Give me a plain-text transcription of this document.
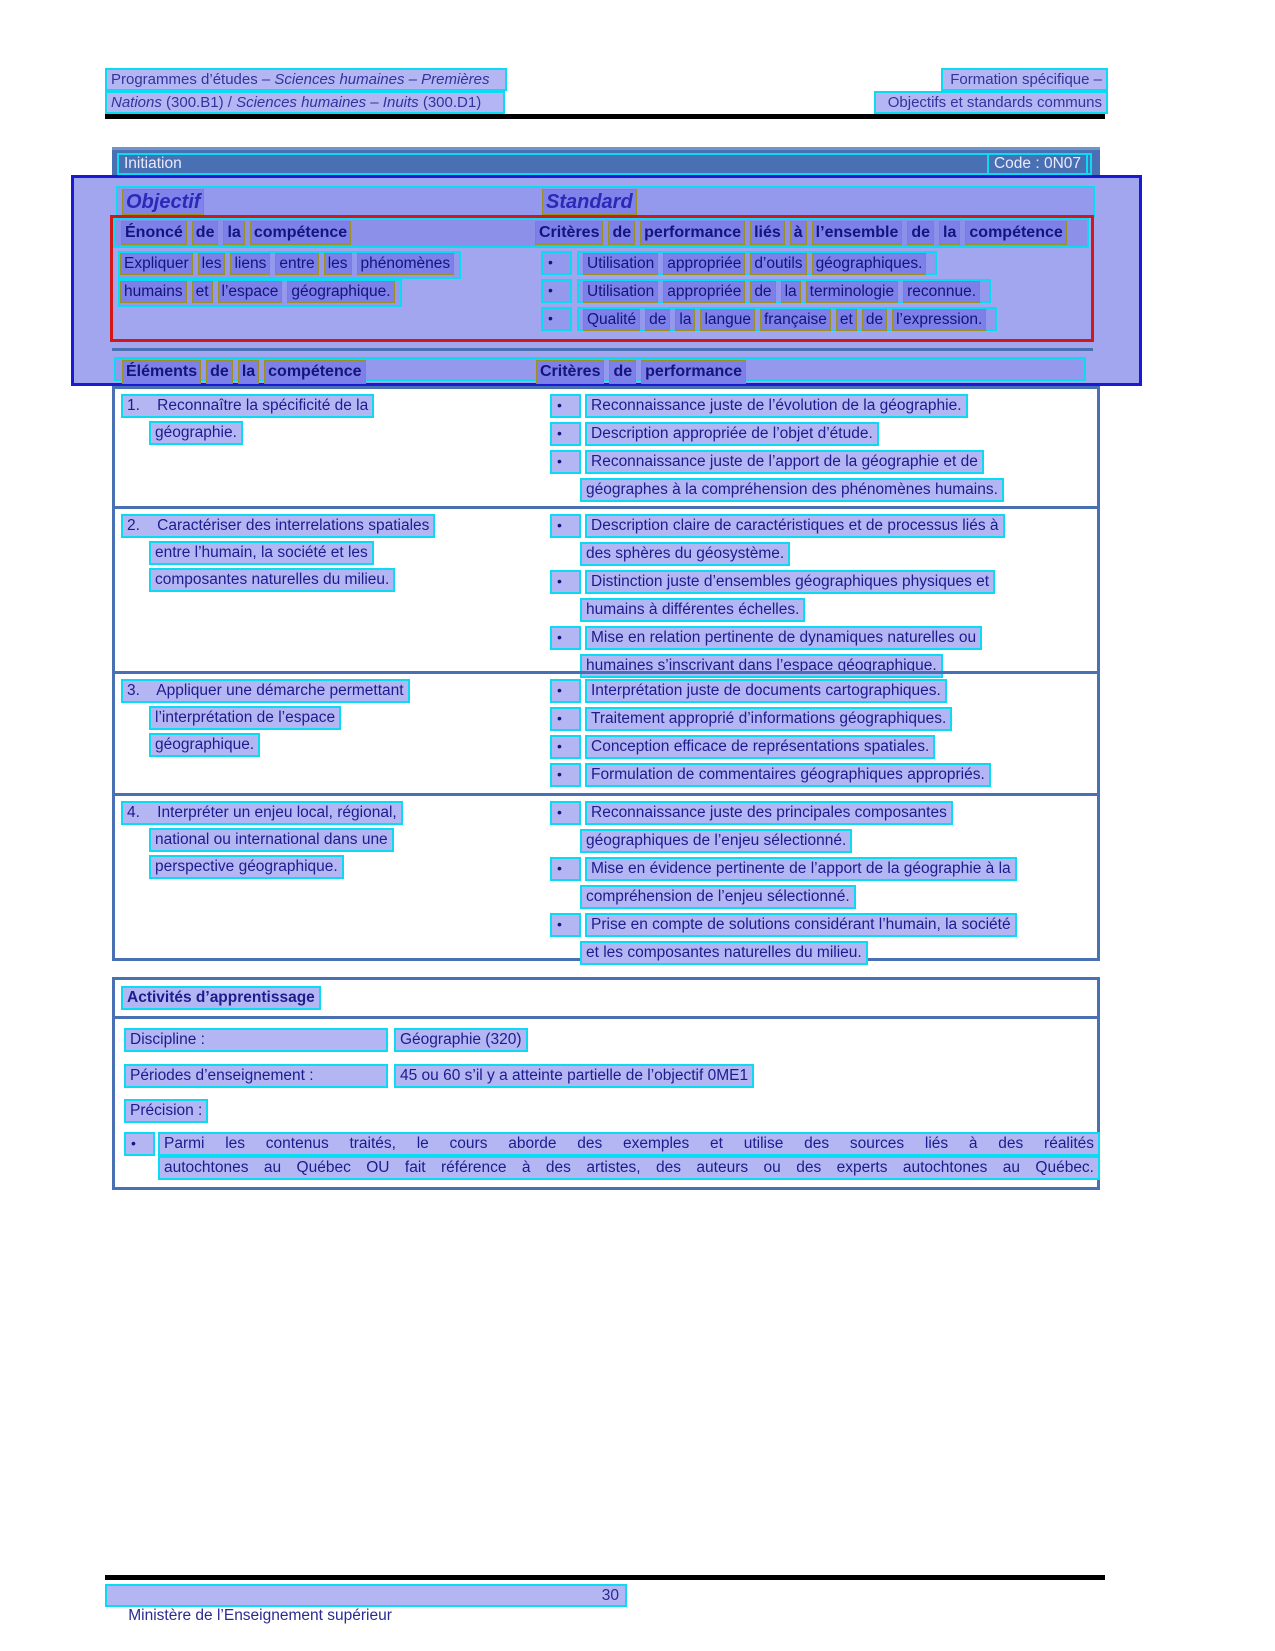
Programmes d’études – Sciences humaines – Premières	Formation spécifique –
Nations (300.B1) / Sciences humaines – Inuits (300.D1)	Objectifs et standards communs
Initiation	Code : 0N07
Objectif	Standard
Énoncé de la compétence	Critères de performance liés à l’ensemble de la compétence
Expliquer les liens entre les phénomènes
humains et l’espace géographique.
• Utilisation appropriée d’outils géographiques.
• Utilisation appropriée de la terminologie reconnue.
• Qualité de la langue française et de l’expression.
Éléments de la compétence	Critères de performance
1.    Reconnaître la spécificité de la
géographie.
• Reconnaissance juste de l’évolution de la géographie.
• Description appropriée de l’objet d’étude.
• Reconnaissance juste de l’apport de la géographie et de
géographes à la compréhension des phénomènes humains.
2.    Caractériser des interrelations spatiales
entre l’humain, la société et les
composantes naturelles du milieu.
• Description claire de caractéristiques et de processus liés à
des sphères du géosystème.
• Distinction juste d’ensembles géographiques physiques et
humains à différentes échelles.
• Mise en relation pertinente de dynamiques naturelles ou
humaines s’inscrivant dans l’espace géographique.
3.    Appliquer une démarche permettant
l’interprétation de l’espace
géographique.
• Interprétation juste de documents cartographiques.
• Traitement approprié d’informations géographiques.
• Conception efficace de représentations spatiales.
• Formulation de commentaires géographiques appropriés.
4.    Interpréter un enjeu local, régional,
national ou international dans une
perspective géographique.
• Reconnaissance juste des principales composantes
géographiques de l’enjeu sélectionné.
• Mise en évidence pertinente de l’apport de la géographie à la
compréhension de l’enjeu sélectionné.
• Prise en compte de solutions considérant l’humain, la société
et les composantes naturelles du milieu.
Activités d’apprentissage
Discipline :	Géographie (320)
Périodes d’enseignement :	45 ou 60 s’il y a atteinte partielle de l’objectif 0ME1
Précision :
•	Parmi les contenus traités, le cours aborde des exemples et utilise des sources liés à des réalités
autochtones au Québec OU fait référence à des artistes, des auteurs ou des experts autochtones au Québec.

Ministère de l’Enseignement supérieur

30
